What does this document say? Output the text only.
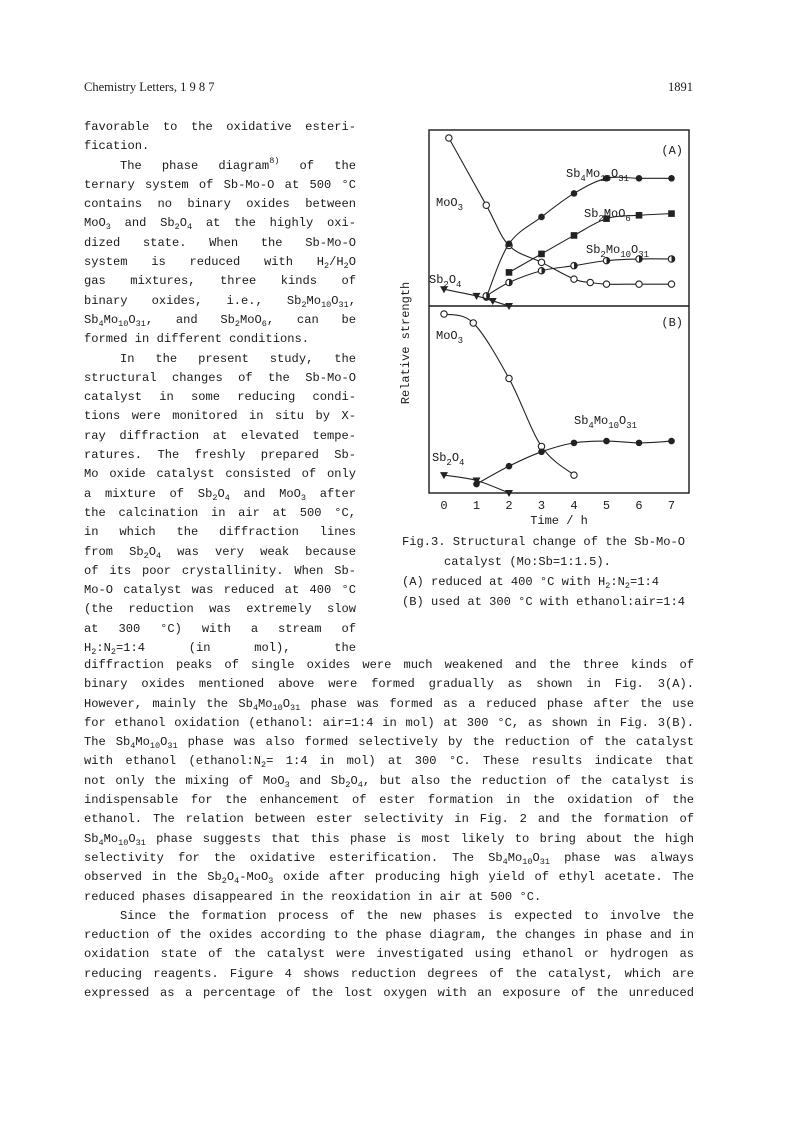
Chemistry Letters, 1 9 8 7	1891
favorable to the oxidative esteri-
fication.
The phase diagram$^{8)}$ of the
ternary system of Sb-Mo-O at 500 °C
contains no binary oxides between
MoO$_3$ and $Sb_2O_4$ at the highly oxi-
dized state. When the Sb-Mo-O
system is reduced with $H_2/H_2O$
gas mixtures, three kinds of
binary oxides, i.e., $Sb_2Mo_{10}O_{31}$,
$Sb_4Mo_{10}O_{31}$, and $Sb_2MoO_6$, can be
formed in different conditions.
In the present study, the
structural changes of the Sb-Mo-O
catalyst in some reducing condi-
tions were monitored in situ by X-
ray diffraction at elevated tempe-
ratures. The freshly prepared Sb-
Mo oxide catalyst consisted of only
a mixture of $Sb_2O_4$ and MoO$_3$ after
the calcination in air at 500 °C,
in which the diffraction lines
from $Sb_2O_4$ was very weak because
of its poor crystallinity. When Sb-
Mo-O catalyst was reduced at 400 °C
(the reduction was extremely slow
at 300 °C) with a stream of
$H_2:N_2=1:4$ (in mol), the
0 1 2 3 4 5 6 7
Time / h
Relative strength
(A)
(B)
MoO$_3$
$Sb_4Mo_{10}O_{31}$
$Sb_2MoO_6$
$Sb_2Mo_{10}O_{31}$
$Sb_2O_4$
MoO$_3$
$Sb_4Mo_{10}O_{31}$
$Sb_2O_4$
Fig.3. Structural change of the Sb-Mo-O
catalyst (Mo:Sb=1:1.5).
(A) reduced at 400 °C with $H_2:N_2=1:4$
(B) used at 300 °C with ethanol:air=1:4
diffraction peaks of single oxides were much weakened and the three kinds of
binary oxides mentioned above were formed gradually as shown in Fig. 3(A).
However, mainly the $Sb_4Mo_{10}O_{31}$ phase was formed as a reduced phase after the use
for ethanol oxidation (ethanol: air=1:4 in mol) at 300 °C, as shown in Fig. 3(B).
The $Sb_4Mo_{10}O_{31}$ phase was also formed selectively by the reduction of the catalyst
with ethanol ($ethanol:N_2=$ 1:4 in mol) at 300 °C. These results indicate that
not only the mixing of MoO$_3$ and $Sb_2O_4$, but also the reduction of the catalyst is
indispensable for the enhancement of ester formation in the oxidation of the
ethanol. The relation between ester selectivity in Fig. 2 and the formation of
$Sb_4Mo_{10}O_{31}$ phase suggests that this phase is most likely to bring about the high
selectivity for the oxidative esterification. The $Sb_4Mo_{10}O_{31}$ phase was always
observed in the $Sb_2O_4-MoO_3$ oxide after producing high yield of ethyl acetate. The
reduced phases disappeared in the reoxidation in air at 500 °C.
Since the formation process of the new phases is expected to involve the
reduction of the oxides according to the phase diagram, the changes in phase and in
oxidation state of the catalyst were investigated using ethanol or hydrogen as
reducing reagents. Figure 4 shows reduction degrees of the catalyst, which are
expressed as a percentage of the lost oxygen with an exposure of the unreduced
